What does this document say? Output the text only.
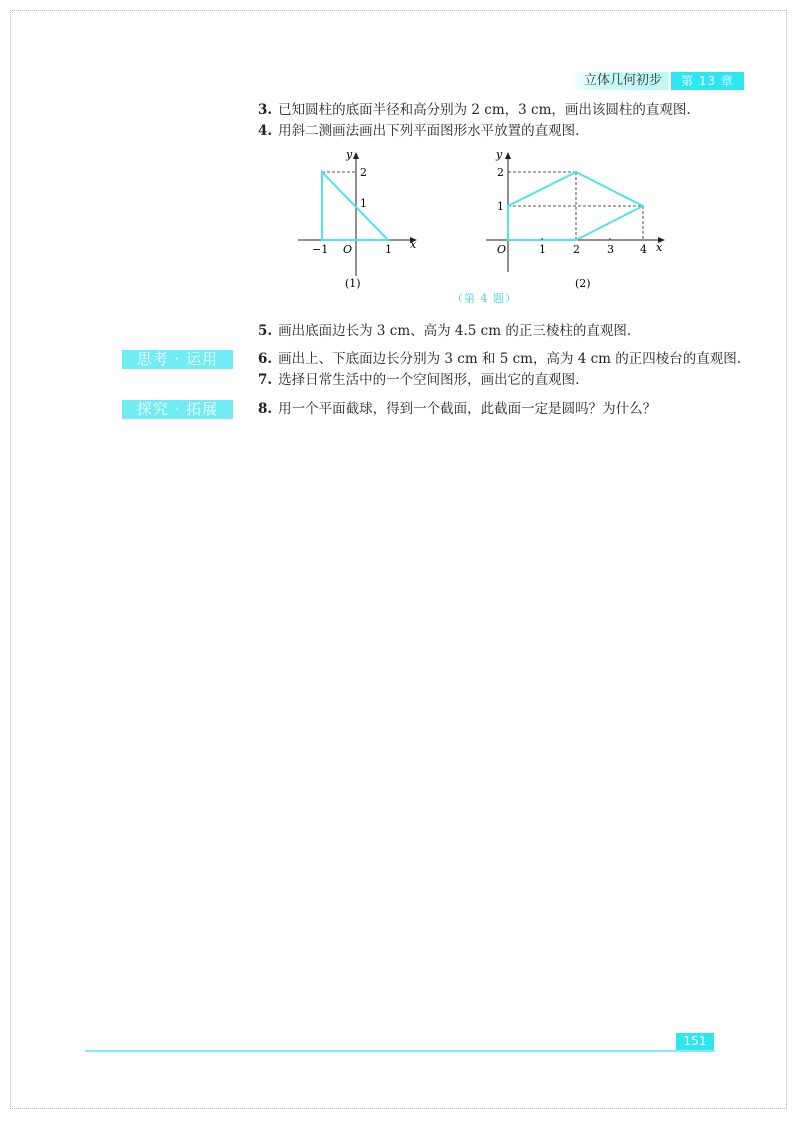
立体几何初步	第 13 章
3. 已知圆柱的底面半径和高分别为 2 cm，3 cm，画出该圆柱的直观图.
4. 用斜二测画法画出下列平面图形水平放置的直观图.
y
x
2
1
−1 O	1
(1)
y
x
2
1
O	1 2 3 4
(2)
（第 4 题）
5. 画出底面边长为 3 cm、高为 4.5 cm 的正三棱柱的直观图.
思考 · 运用	6. 画出上、下底面边长分别为 3 cm 和 5 cm，高为 4 cm 的正四棱台的直观图.
7. 选择日常生活中的一个空间图形，画出它的直观图.
探究 · 拓展	8. 用一个平面截球，得到一个截面，此截面一定是圆吗？为什么？
151
